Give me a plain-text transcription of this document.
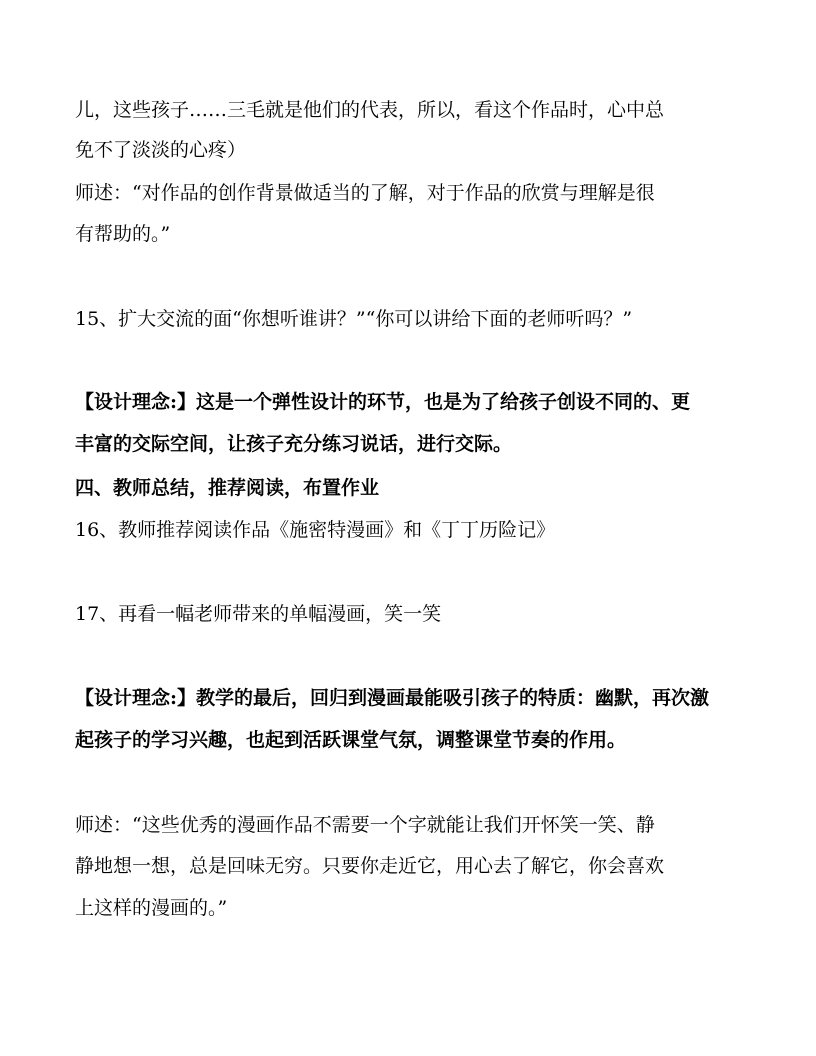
儿，这些孩子……三毛就是他们的代表，所以，看这个作品时，心中总
免不了淡淡的心疼）
师述：“对作品的创作背景做适当的了解，对于作品的欣赏与理解是很
有帮助的。”
15、扩大交流的面“你想听谁讲？”“你可以讲给下面的老师听吗？”
【设计理念:】这是一个弹性设计的环节，也是为了给孩子创设不同的、更
丰富的交际空间，让孩子充分练习说话，进行交际。
四、教师总结，推荐阅读，布置作业
16、教师推荐阅读作品《施密特漫画》和《丁丁历险记》
17、再看一幅老师带来的单幅漫画，笑一笑
【设计理念:】教学的最后，回归到漫画最能吸引孩子的特质：幽默，再次激
起孩子的学习兴趣，也起到活跃课堂气氛，调整课堂节奏的作用。
师述：“这些优秀的漫画作品不需要一个字就能让我们开怀笑一笑、静
静地想一想，总是回味无穷。只要你走近它，用心去了解它，你会喜欢
上这样的漫画的。”
